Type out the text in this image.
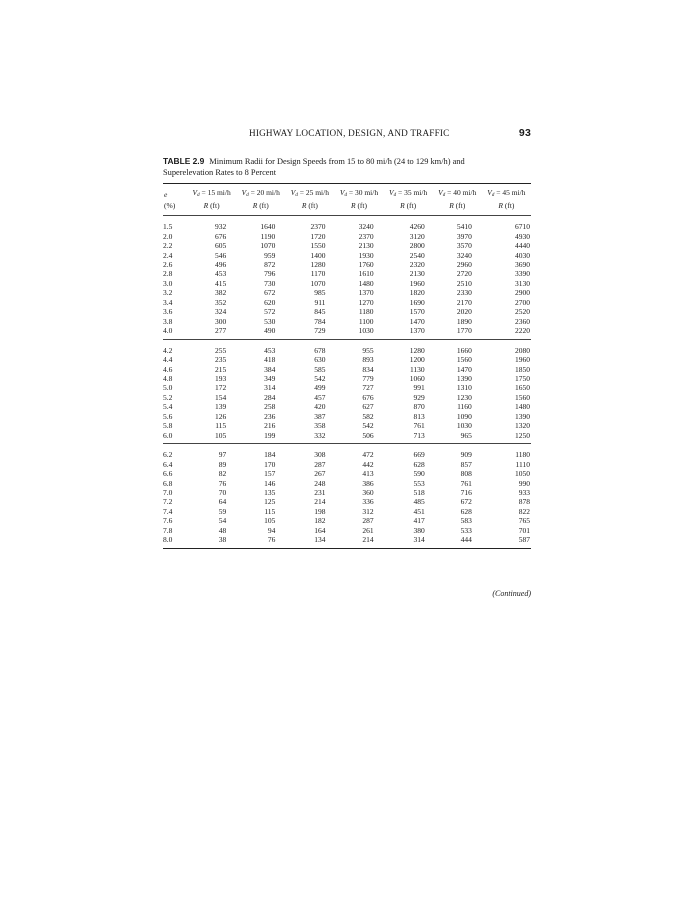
HIGHWAY LOCATION, DESIGN, AND TRAFFIC	93
TABLE 2.9 Minimum Radii for Design Speeds from 15 to 80 mi/h (24 to 129 km/h) and
Superelevation Rates to 8 Percent
e	$V_d = 15$ mi/h	$V_d = 20$ mi/h	$V_d = 25$ mi/h	$V_d = 30$ mi/h	$V_d = 35$ mi/h	$V_d = 40$ mi/h	$V_d = 45$ mi/h
(%)	R (ft)	R (ft)	R (ft)	R (ft)	R (ft)	R (ft)	R (ft)
1.5	932	1640	2370	3240	4260	5410	6710
2.0	676	1190	1720	2370	3120	3970	4930
2.2	605	1070	1550	2130	2800	3570	4440
2.4	546	959	1400	1930	2540	3240	4030
2.6	496	872	1280	1760	2320	2960	3690
2.8	453	796	1170	1610	2130	2720	3390
3.0	415	730	1070	1480	1960	2510	3130
3.2	382	672	985	1370	1820	2330	2900
3.4	352	620	911	1270	1690	2170	2700
3.6	324	572	845	1180	1570	2020	2520
3.8	300	530	784	1100	1470	1890	2360
4.0	277	490	729	1030	1370	1770	2220
4.2	255	453	678	955	1280	1660	2080
4.4	235	418	630	893	1200	1560	1960
4.6	215	384	585	834	1130	1470	1850
4.8	193	349	542	779	1060	1390	1750
5.0	172	314	499	727	991	1310	1650
5.2	154	284	457	676	929	1230	1560
5.4	139	258	420	627	870	1160	1480
5.6	126	236	387	582	813	1090	1390
5.8	115	216	358	542	761	1030	1320
6.0	105	199	332	506	713	965	1250
6.2	97	184	308	472	669	909	1180
6.4	89	170	287	442	628	857	1110
6.6	82	157	267	413	590	808	1050
6.8	76	146	248	386	553	761	990
7.0	70	135	231	360	518	716	933
7.2	64	125	214	336	485	672	878
7.4	59	115	198	312	451	628	822
7.6	54	105	182	287	417	583	765
7.8	48	94	164	261	380	533	701
8.0	38	76	134	214	314	444	587
(Continued)
